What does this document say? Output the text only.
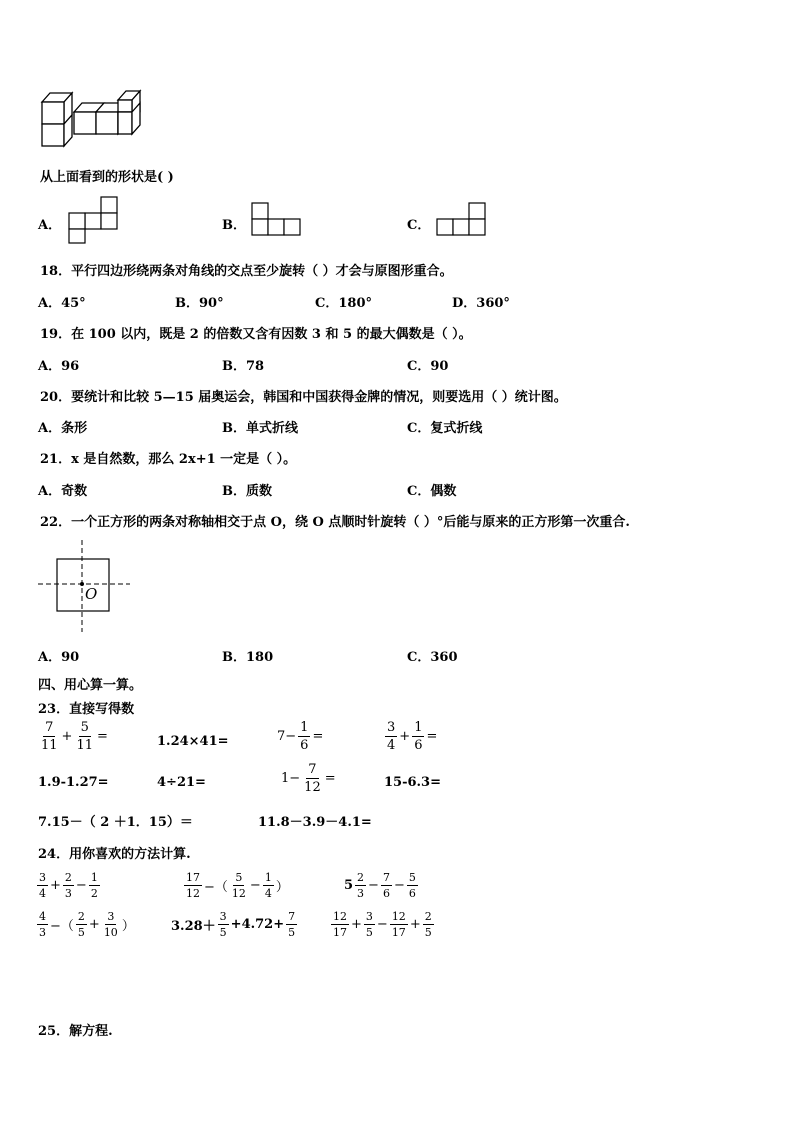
从上面看到的形状是( )
A．	B．	C．
18．平行四边形绕两条对角线的交点至少旋转（ ）才会与原图形重合。
A．45°	B．90°	C．180°	D．360°
19．在 100 以内，既是 2 的倍数又含有因数 3 和 5 的最大偶数是（ ）。
A．96	B．78	C．90
20．要统计和比较 5—15 届奥运会，韩国和中国获得金牌的情况，则要选用（ ）统计图。
A．条形	B．单式折线	C．复式折线
21．x 是自然数，那么 2x+1 一定是（ ）。
A．奇数	B．质数	C．偶数
22．一个正方形的两条对称轴相交于点 O，绕 O 点顺时针旋转（ ）°后能与原来的正方形第一次重合.
O
A．90	B．180	C．360
四、用心算一算。
23．直接写得数
$\frac{7}{11} + \frac{5}{11}$ =	1.24×41=	$7- \frac{1}{6}$ =	$\frac{3}{4} + \frac{1}{6}$ =
1.9-1.27=	4÷21=	$1- \frac{7}{12}$ =	15-6.3=
7.15－（ 2 ＋1．15）＝	11.8－3.9－4.1=
24．用你喜欢的方法计算.
$\frac{3}{4} + \frac{2}{3} - \frac{1}{2}$	$\frac{17}{12}$ −（ $\frac{5}{12} - \frac{1}{4}$ ）	$5 \frac{2}{3} - \frac{7}{6} - \frac{5}{6}$
$\frac{4}{3}$ −（ $\frac{2}{5} + \frac{3}{10}$ ）	$3.28+ \frac{3}{5} +4.72+ \frac{7}{5}$	$\frac{12}{17} + \frac{3}{5} - \frac{12}{17} + \frac{2}{5}$
25．解方程.
